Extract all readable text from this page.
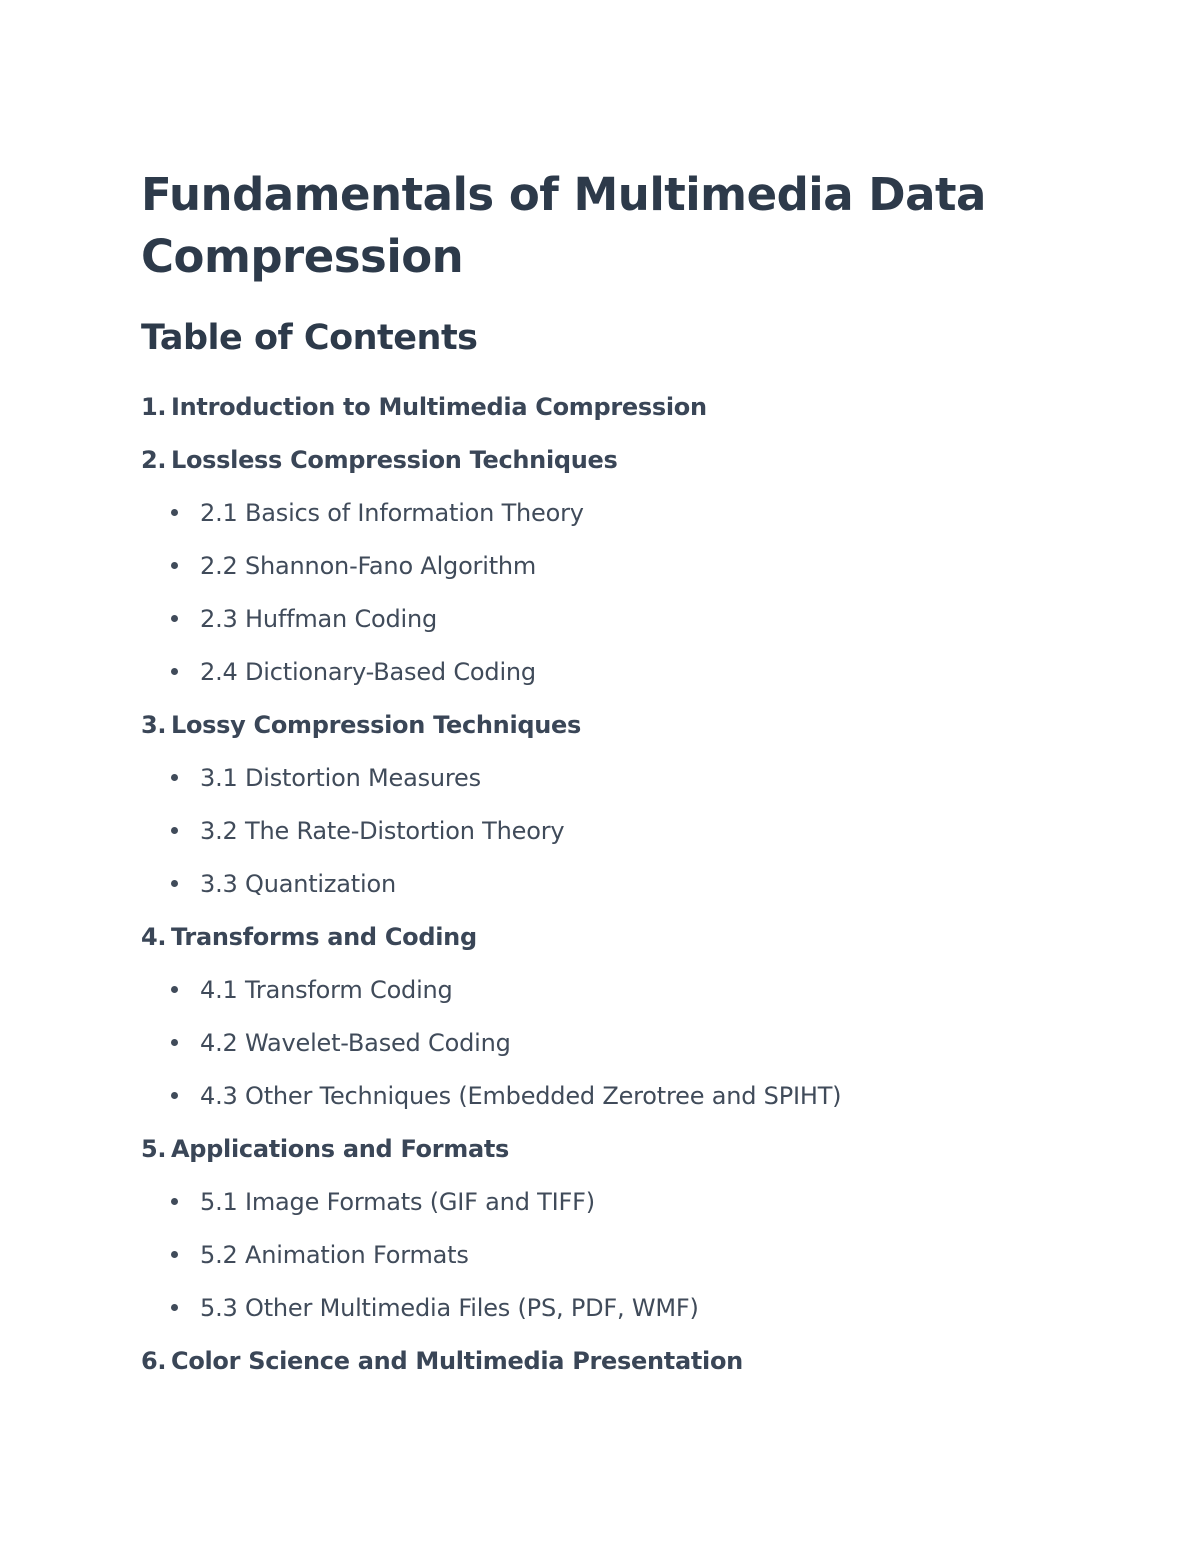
Fundamentals of Multimedia Data Compression
Table of Contents
1. Introduction to Multimedia Compression
2. Lossless Compression Techniques
2.1 Basics of Information Theory
2.2 Shannon-Fano Algorithm
2.3 Huffman Coding
2.4 Dictionary-Based Coding
3. Lossy Compression Techniques
3.1 Distortion Measures
3.2 The Rate-Distortion Theory
3.3 Quantization
4. Transforms and Coding
4.1 Transform Coding
4.2 Wavelet-Based Coding
4.3 Other Techniques (Embedded Zerotree and SPIHT)
5. Applications and Formats
5.1 Image Formats (GIF and TIFF)
5.2 Animation Formats
5.3 Other Multimedia Files (PS, PDF, WMF)
6. Color Science and Multimedia Presentation
